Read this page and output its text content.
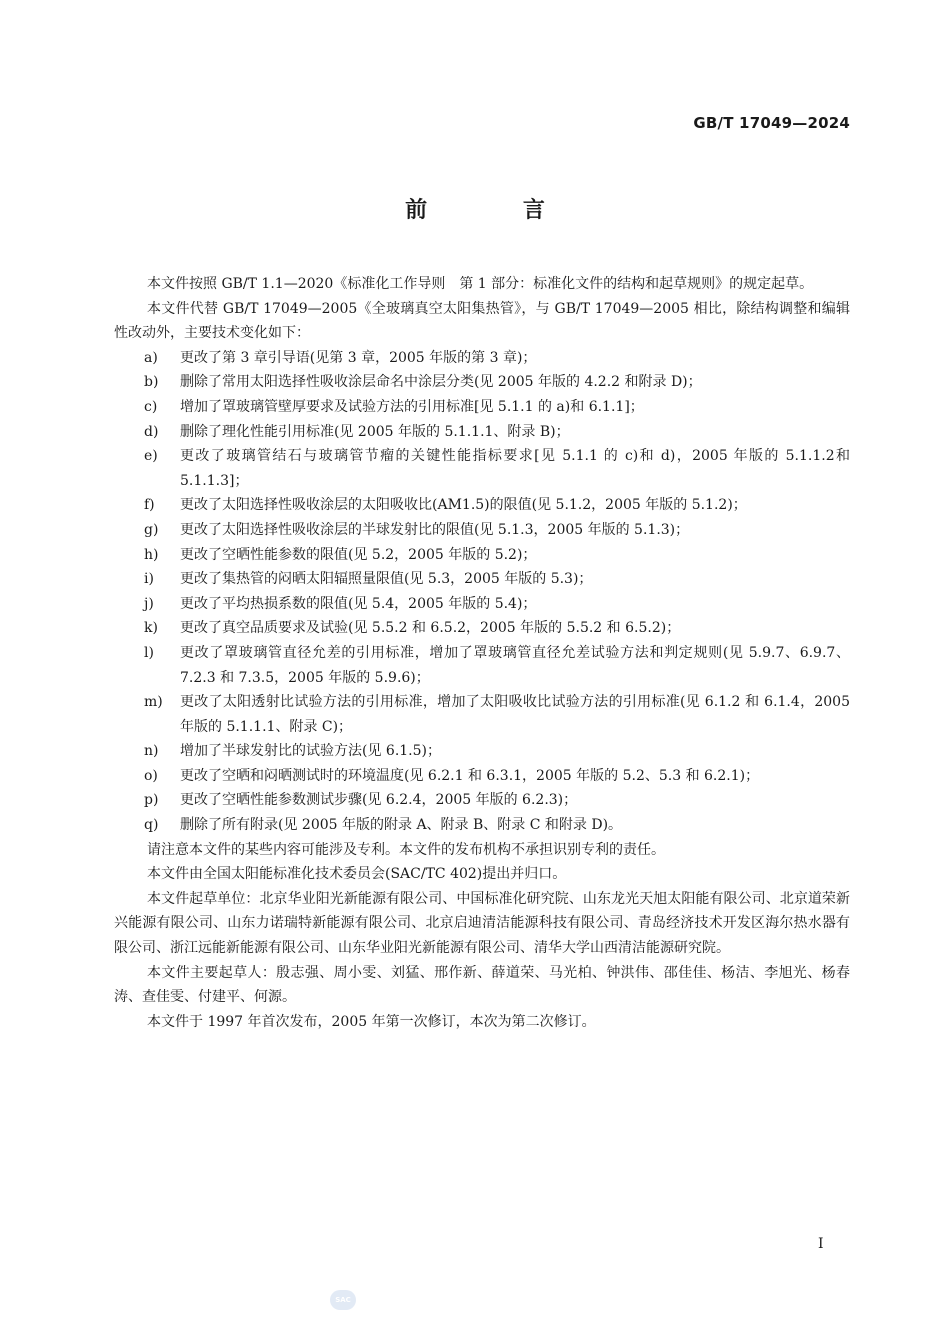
GB/T 17049—2024
前 言

本文件按照 GB/T 1.1—2020《标准化工作导则　第 1 部分：标准化文件的结构和起草规则》的规定起草。

本文件代替 GB/T 17049—2005《全玻璃真空太阳集热管》，与 GB/T 17049—2005 相比，除结构调整和编辑性改动外，主要技术变化如下：

a) 更改了第 3 章引导语(见第 3 章，2005 年版的第 3 章)；
b) 删除了常用太阳选择性吸收涂层命名中涂层分类(见 2005 年版的 4.2.2 和附录 D)；
c) 增加了罩玻璃管壁厚要求及试验方法的引用标准[见 5.1.1 的 a)和 6.1.1]；
d) 删除了理化性能引用标准(见 2005 年版的 5.1.1.1、附录 B)；
e) 更改了玻璃管结石与玻璃管节瘤的关键性能指标要求[见 5.1.1 的 c)和 d)，2005 年版的 5.1.1.2和 5.1.1.3]；
f) 更改了太阳选择性吸收涂层的太阳吸收比(AM1.5)的限值(见 5.1.2，2005 年版的 5.1.2)；
g) 更改了太阳选择性吸收涂层的半球发射比的限值(见 5.1.3，2005 年版的 5.1.3)；
h) 更改了空晒性能参数的限值(见 5.2，2005 年版的 5.2)；
i) 更改了集热管的闷晒太阳辐照量限值(见 5.3，2005 年版的 5.3)；
j) 更改了平均热损系数的限值(见 5.4，2005 年版的 5.4)；
k) 更改了真空品质要求及试验(见 5.5.2 和 6.5.2，2005 年版的 5.5.2 和 6.5.2)；
l) 更改了罩玻璃管直径允差的引用标准，增加了罩玻璃管直径允差试验方法和判定规则(见 5.9.7、6.9.7、7.2.3 和 7.3.5，2005 年版的 5.9.6)；
m) 更改了太阳透射比试验方法的引用标准，增加了太阳吸收比试验方法的引用标准(见 6.1.2 和 6.1.4，2005 年版的 5.1.1.1、附录 C)；
n) 增加了半球发射比的试验方法(见 6.1.5)；
o) 更改了空晒和闷晒测试时的环境温度(见 6.2.1 和 6.3.1，2005 年版的 5.2、5.3 和 6.2.1)；
p) 更改了空晒性能参数测试步骤(见 6.2.4，2005 年版的 6.2.3)；
q) 删除了所有附录(见 2005 年版的附录 A、附录 B、附录 C 和附录 D)。

请注意本文件的某些内容可能涉及专利。本文件的发布机构不承担识别专利的责任。

本文件由全国太阳能标准化技术委员会(SAC/TC 402)提出并归口。

本文件起草单位：北京华业阳光新能源有限公司、中国标准化研究院、山东龙光天旭太阳能有限公司、北京道荣新兴能源有限公司、山东力诺瑞特新能源有限公司、北京启迪清洁能源科技有限公司、青岛经济技术开发区海尔热水器有限公司、浙江远能新能源有限公司、山东华业阳光新能源有限公司、清华大学山西清洁能源研究院。

本文件主要起草人：殷志强、周小雯、刘猛、邢作新、薛道荣、马光柏、钟洪伟、邵佳佳、杨洁、李旭光、杨春涛、查佳雯、付建平、何源。

本文件于 1997 年首次发布，2005 年第一次修订，本次为第二次修订。

I
SAC
